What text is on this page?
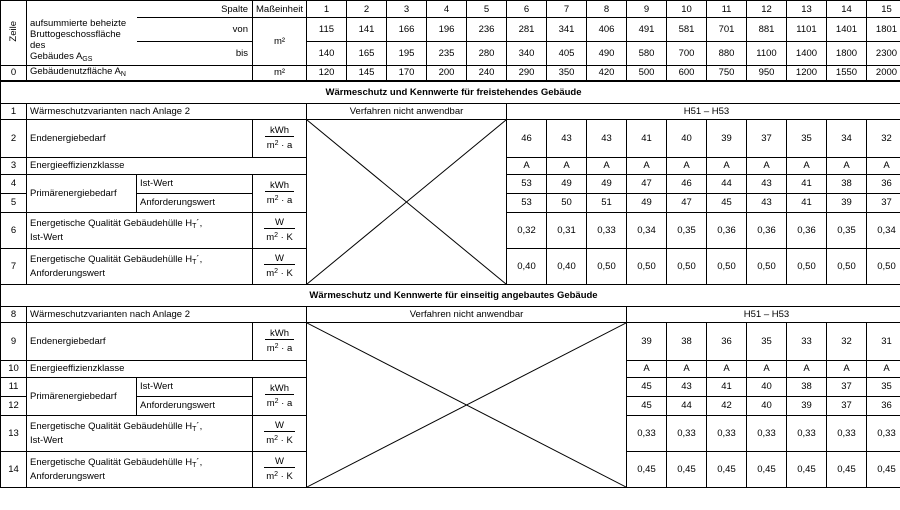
Zeile	Spalte		Maßeinheit	1	2	3	4	5	6	7	8	9	10	11	12	13	14	15
	aufsummierte beheizte Bruttogeschossfläche des
Gebäudes $A_{GS}$	von	m²	115	141	166	196	236	281	341	406	491	581	701	881	1101	1401	1801
		bis		140	165	195	235	280	340	405	490	580	700	880	1100	1400	1800	2300
0	Gebäudenutzfläche $A_N$		m²	120	145	170	200	240	290	350	420	500	600	750	950	1200	1550	2000
Wärmeschutz und Kennwerte für freistehendes Gebäude																		
1	Wärmeschutzvarianten nach Anlage 2			Verfahren nicht anwendbar					H51 – H53									
2	Endenergiebedarf		kWh
$m^2 \cdot a$						46	43	43	41	40	39	37	35	34	32
3	Energieeffizienzklasse								A	A	A	A	A	A	A	A	A	A
4	Primärenergiebedarf	Ist-Wert	kWh
$m^2 \cdot a$						53	49	49	47	46	44	43	41	38	36
5		Anforderungswert							53	50	51	49	47	45	43	41	39	37
6	Energetische Qualität Gebäudehülle $H_T´$,
Ist-Wert		$\frac{W}{m^2 \cdot K}$						0,32	0,31	0,33	0,34	0,35	0,36	0,36	0,36	0,35	0,34
7	Energetische Qualität Gebäudehülle $H_T´$,
Anforderungswert		$\frac{W}{m^2 \cdot K}$						0,40	0,40	0,50	0,50	0,50	0,50	0,50	0,50	0,50	0,50
Wärmeschutz und Kennwerte für einseitig angebautes Gebäude																		
8	Wärmeschutzvarianten nach Anlage 2			Verfahren nicht anwendbar								H51 – H53						
9	Endenergiebedarf		kWh
$m^2 \cdot a$									39	38	36	35	33	32	31
10	Energieeffizienzklasse											A	A	A	A	A	A	A
11	Primärenergiebedarf	Ist-Wert	kWh
$m^2 \cdot a$									45	43	41	40	38	37	35
12		Anforderungswert										45	44	42	40	39	37	36
13	Energetische Qualität Gebäudehülle $H_T´$,
Ist-Wert		$\frac{W}{m^2 \cdot K}$									0,33	0,33	0,33	0,33	0,33	0,33	0,33
14	Energetische Qualität Gebäudehülle $H_T´$,
Anforderungswert		$\frac{W}{m^2 \cdot K}$									0,45	0,45	0,45	0,45	0,45	0,45	0,45
